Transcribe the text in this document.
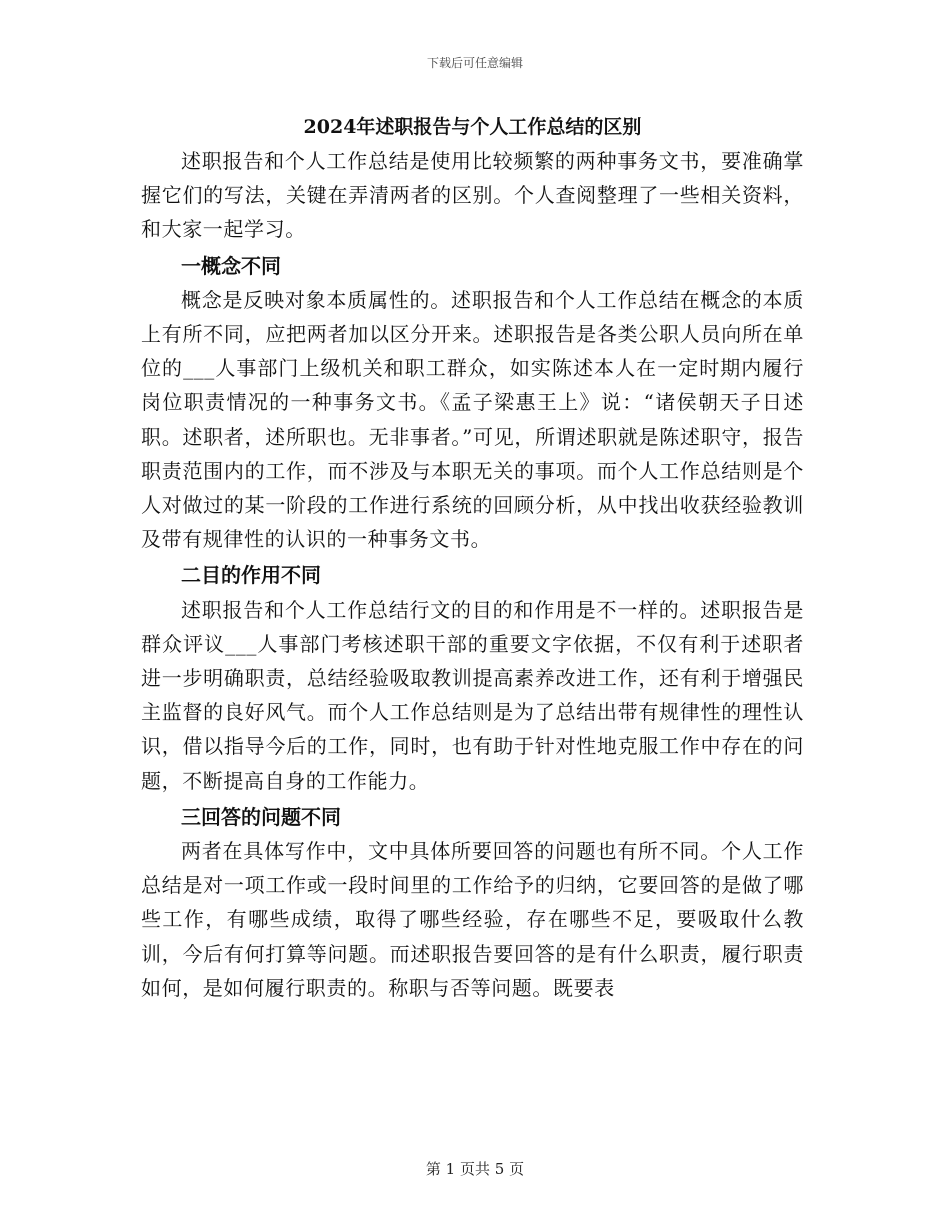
下载后可任意编辑
2024年述职报告与个人工作总结的区别

述职报告和个人工作总结是使用比较频繁的两种事务文书，要准确掌握它们的写法，关键在弄清两者的区别。个人查阅整理了一些相关资料，和大家一起学习。

一概念不同

概念是反映对象本质属性的。述职报告和个人工作总结在概念的本质上有所不同，应把两者加以区分开来。述职报告是各类公职人员向所在单位的___人事部门上级机关和职工群众，如实陈述本人在一定时期内履行岗位职责情况的一种事务文书。《孟子梁惠王上》说：“诸侯朝天子日述职。述职者，述所职也。无非事者。”可见，所谓述职就是陈述职守，报告职责范围内的工作，而不涉及与本职无关的事项。而个人工作总结则是个人对做过的某一阶段的工作进行系统的回顾分析，从中找出收获经验教训及带有规律性的认识的一种事务文书。

二目的作用不同

述职报告和个人工作总结行文的目的和作用是不一样的。述职报告是群众评议___人事部门考核述职干部的重要文字依据，不仅有利于述职者进一步明确职责，总结经验吸取教训提高素养改进工作，还有利于增强民主监督的良好风气。而个人工作总结则是为了总结出带有规律性的理性认识，借以指导今后的工作，同时，也有助于针对性地克服工作中存在的问题，不断提高自身的工作能力。

三回答的问题不同

两者在具体写作中，文中具体所要回答的问题也有所不同。个人工作总结是对一项工作或一段时间里的工作给予的归纳，它要回答的是做了哪些工作，有哪些成绩，取得了哪些经验，存在哪些不足，要吸取什么教训，今后有何打算等问题。而述职报告要回答的是有什么职责，履行职责如何，是如何履行职责的。称职与否等问题。既要表

第 1 页共 5 页
